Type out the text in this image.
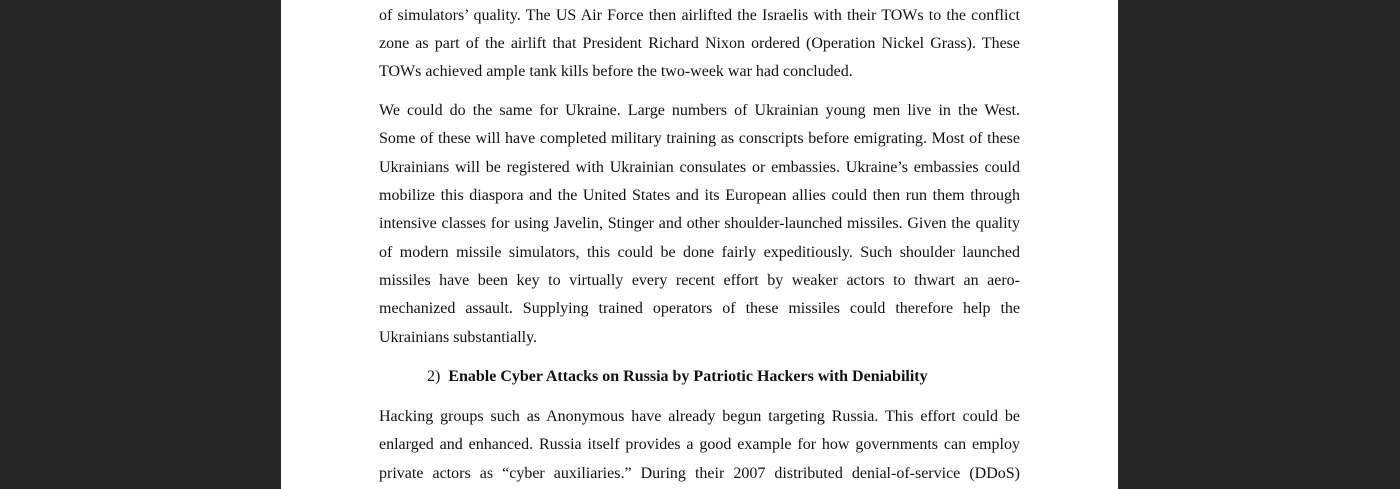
of simulators’ quality. The US Air Force then airlifted the Israelis with their TOWs to the conflict
zone as part of the airlift that President Richard Nixon ordered (Operation Nickel Grass). These
TOWs achieved ample tank kills before the two-week war had concluded.
We could do the same for Ukraine. Large numbers of Ukrainian young men live in the West.
Some of these will have completed military training as conscripts before emigrating. Most of these
Ukrainians will be registered with Ukrainian consulates or embassies. Ukraine’s embassies could
mobilize this diaspora and the United States and its European allies could then run them through
intensive classes for using Javelin, Stinger and other shoulder-launched missiles. Given the quality
of modern missile simulators, this could be done fairly expeditiously. Such shoulder launched
missiles have been key to virtually every recent effort by weaker actors to thwart an aero-
mechanized assault. Supplying trained operators of these missiles could therefore help the
Ukrainians substantially.
2) Enable Cyber Attacks on Russia by Patriotic Hackers with Deniability
Hacking groups such as Anonymous have already begun targeting Russia. This effort could be
enlarged and enhanced. Russia itself provides a good example for how governments can employ
private actors as “cyber auxiliaries.” During their 2007 distributed denial-of-service (DDoS)
